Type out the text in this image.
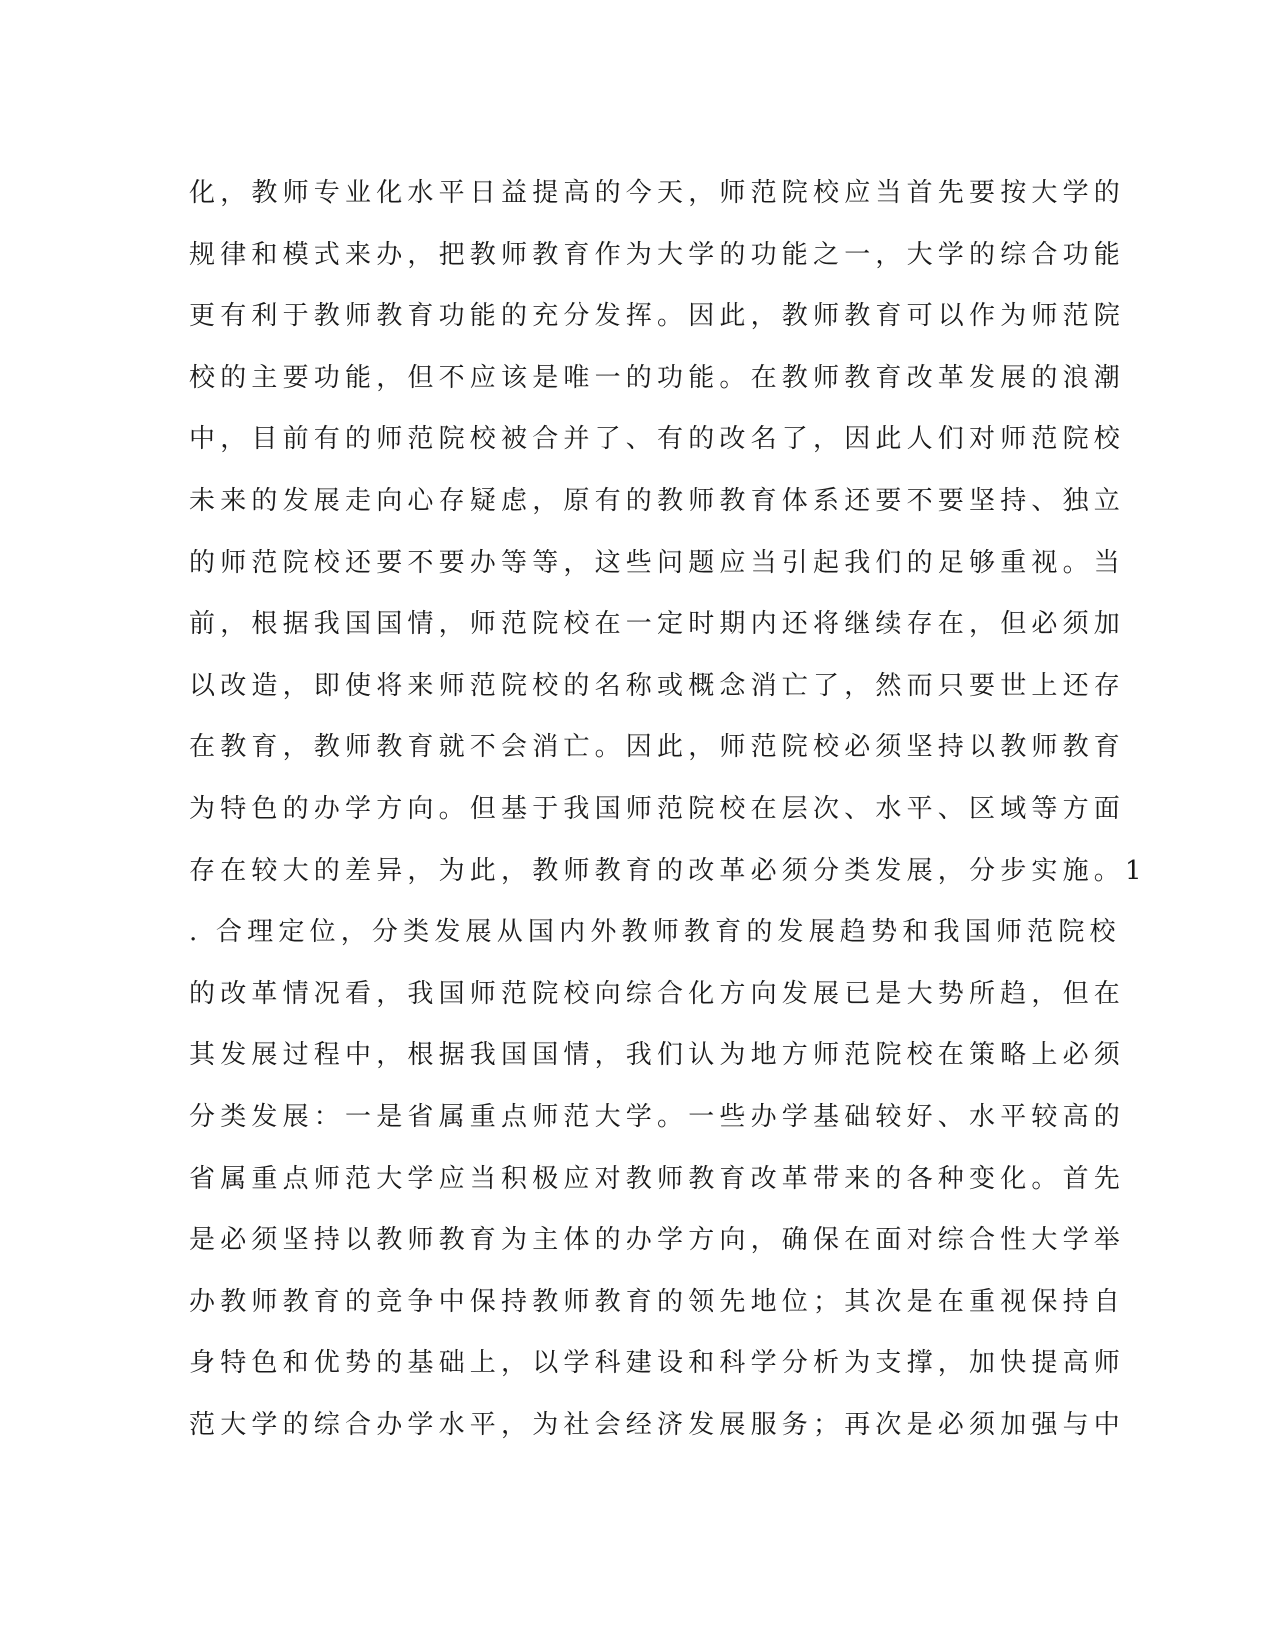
化，教师专业化水平日益提高的今天，师范院校应当首先要按大学的
规律和模式来办，把教师教育作为大学的功能之一，大学的综合功能
更有利于教师教育功能的充分发挥。因此，教师教育可以作为师范院
校的主要功能，但不应该是唯一的功能。在教师教育改革发展的浪潮
中，目前有的师范院校被合并了、有的改名了，因此人们对师范院校
未来的发展走向心存疑虑，原有的教师教育体系还要不要坚持、独立
的师范院校还要不要办等等，这些问题应当引起我们的足够重视。当
前，根据我国国情，师范院校在一定时期内还将继续存在，但必须加
以改造，即使将来师范院校的名称或概念消亡了，然而只要世上还存
在教育，教师教育就不会消亡。因此，师范院校必须坚持以教师教育
为特色的办学方向。但基于我国师范院校在层次、水平、区域等方面
存在较大的差异，为此，教师教育的改革必须分类发展，分步实施。1
. 合理定位，分类发展从国内外教师教育的发展趋势和我国师范院校
的改革情况看，我国师范院校向综合化方向发展已是大势所趋，但在
其发展过程中，根据我国国情，我们认为地方师范院校在策略上必须
分类发展：一是省属重点师范大学。一些办学基础较好、水平较高的
省属重点师范大学应当积极应对教师教育改革带来的各种变化。首先
是必须坚持以教师教育为主体的办学方向，确保在面对综合性大学举
办教师教育的竞争中保持教师教育的领先地位；其次是在重视保持自
身特色和优势的基础上，以学科建设和科学分析为支撑，加快提高师
范大学的综合办学水平，为社会经济发展服务；再次是必须加强与中
